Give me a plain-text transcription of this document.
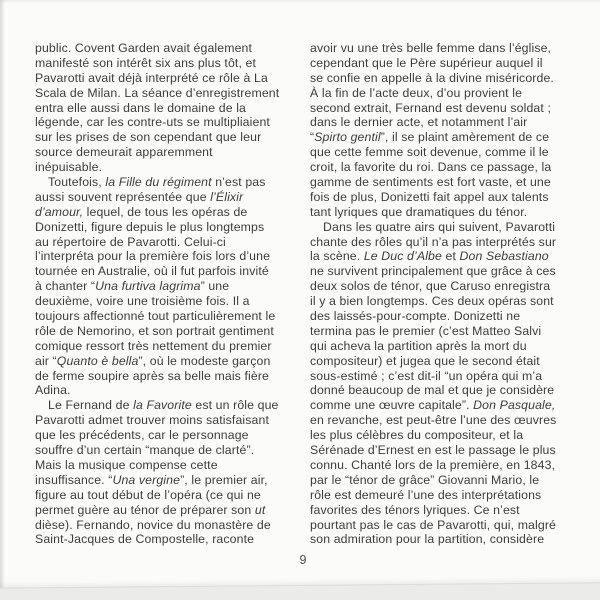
public. Covent Garden avait également
manifesté son intérêt six ans plus tôt, et
Pavarotti avait déjà interprété ce rôle à La
Scala de Milan. La séance d’enregistrement
entra elle aussi dans le domaine de la
légende, car les contre-uts se multipliaient
sur les prises de son cependant que leur
source demeurait apparemment
inépuisable.
Toutefois, la Fille du régiment n’est pas
aussi souvent représentée que l’Élixir
d’amour, lequel, de tous les opéras de
Donizetti, figure depuis le plus longtemps
au répertoire de Pavarotti. Celui-ci
l’interpréta pour la première fois lors d’une
tournée en Australie, où il fut parfois invité
à chanter “Una furtiva lagrima” une
deuxième, voire une troisième fois. Il a
toujours affectionné tout particulièrement le
rôle de Nemorino, et son portrait gentiment
comique ressort très nettement du premier
air “Quanto è bella”, où le modeste garçon
de ferme soupire après sa belle mais fière
Adina.
Le Fernand de la Favorite est un rôle que
Pavarotti admet trouver moins satisfaisant
que les précédents, car le personnage
souffre d’un certain “manque de clarté”.
Mais la musique compense cette
insuffisance. “Una vergine”, le premier air,
figure au tout début de l’opéra (ce qui ne
permet guère au ténor de préparer son ut
dièse). Fernando, novice du monastère de
Saint-Jacques de Compostelle, raconte
avoir vu une très belle femme dans l’église,
cependant que le Père supérieur auquel il
se confie en appelle à la divine miséricorde.
À la fin de l’acte deux, d’ou provient le
second extrait, Fernand est devenu soldat ;
dans le dernier acte, et notamment l’air
“Spirto gentil”, il se plaint amèrement de ce
que cette femme soit devenue, comme il le
croit, la favorite du roi. Dans ce passage, la
gamme de sentiments est fort vaste, et une
fois de plus, Donizetti fait appel aux talents
tant lyriques que dramatiques du ténor.
Dans les quatre airs qui suivent, Pavarotti
chante des rôles qu’il n’a pas interprétés sur
la scène. Le Duc d’Albe et Don Sebastiano
ne survivent principalement que grâce à ces
deux solos de ténor, que Caruso enregistra
il y a bien longtemps. Ces deux opéras sont
des laissés-pour-compte. Donizetti ne
termina pas le premier (c’est Matteo Salvi
qui acheva la partition après la mort du
compositeur) et jugea que le second était
sous-estimé ; c’est dit-il “un opéra qui m’a
donné beaucoup de mal et que je considère
comme une œuvre capitale”. Don Pasquale,
en revanche, est peut-être l’une des œuvres
les plus célèbres du compositeur, et la
Sérénade d’Ernest en est le passage le plus
connu. Chanté lors de la première, en 1843,
par le “ténor de grâce” Giovanni Mario, le
rôle est demeuré l’une des interprétations
favorites des ténors lyriques. Ce n’est
pourtant pas le cas de Pavarotti, qui, malgré
son admiration pour la partition, considère
9
